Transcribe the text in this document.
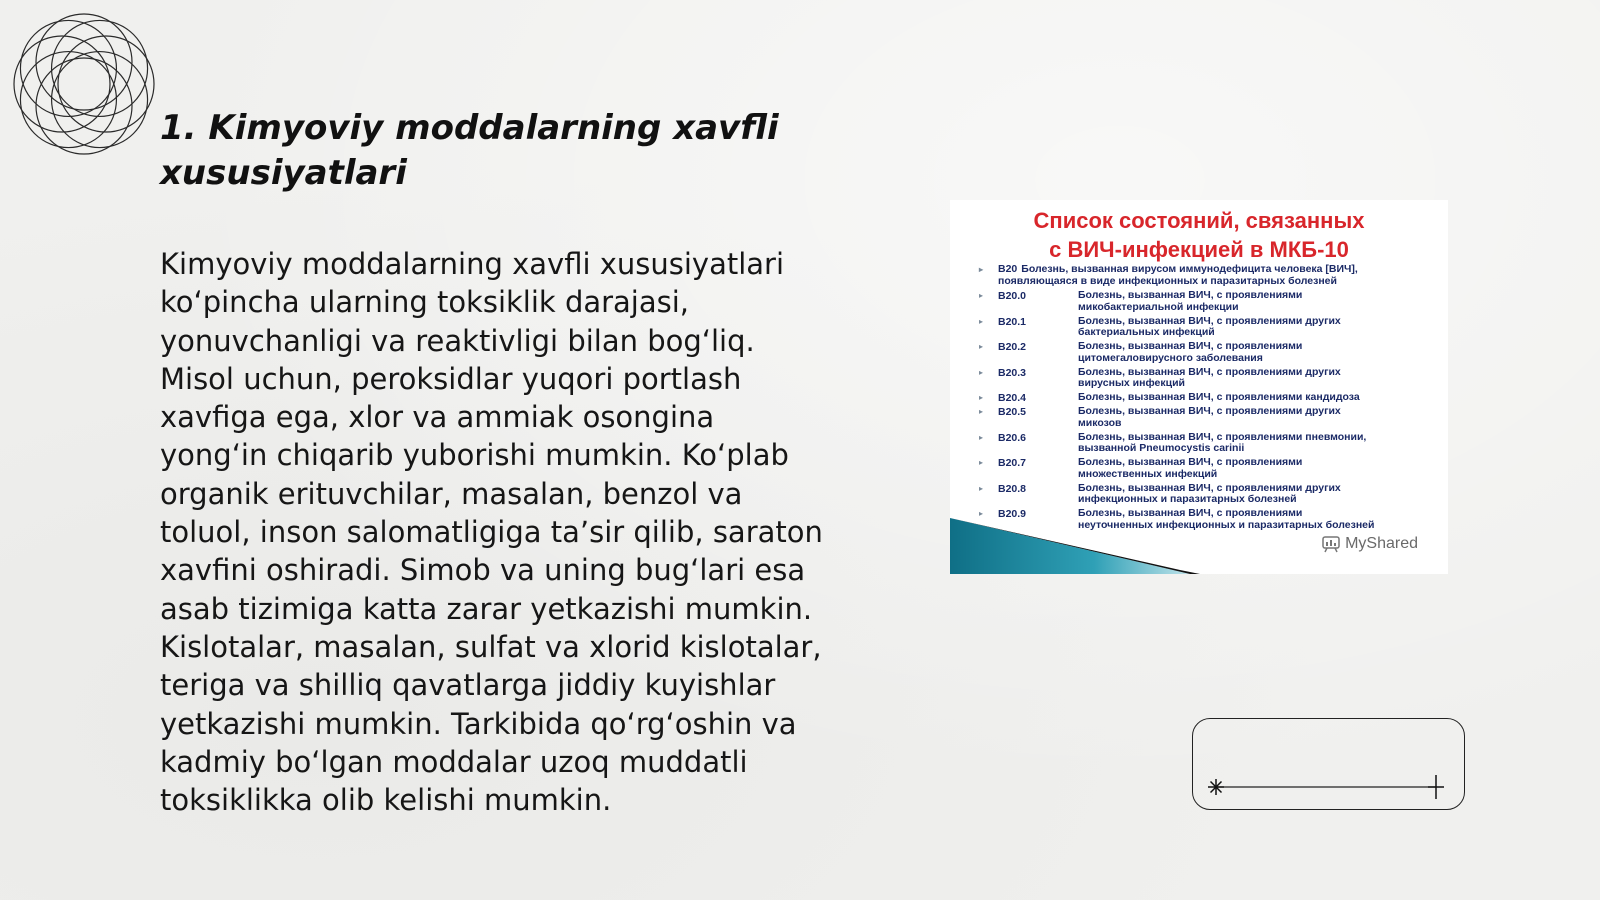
1. Kimyoviy moddalarning xavfli xususiyatlari
Kimyoviy moddalarning xavfli xususiyatlari
koʻpincha ularning toksiklik darajasi,
yonuvchanligi va reaktivligi bilan bogʻliq.
Misol uchun, peroksidlar yuqori portlash
xavfiga ega, xlor va ammiak osongina
yongʻin chiqarib yuborishi mumkin. Koʻplab
organik erituvchilar, masalan, benzol va
toluol, inson salomatligiga taʼsir qilib, saraton
xavfini oshiradi. Simob va uning bugʻlari esa
asab tizimiga katta zarar yetkazishi mumkin.
Kislotalar, masalan, sulfat va xlorid kislotalar,
teriga va shilliq qavatlarga jiddiy kuyishlar
yetkazishi mumkin. Tarkibida qoʻrgʻoshin va
kadmiy boʻlgan moddalar uzoq muddatli
toksiklikka olib kelishi mumkin.
Список состояний, связанных
с ВИЧ-инфекцией в МКБ-10
▸ B20 Болезнь, вызванная вирусом иммунодефицита человека [ВИЧ],
появляющаяся в виде инфекционных и паразитарных болезней
▸ B20.0	Болезнь, вызванная ВИЧ, с проявлениями
микобактериальной инфекции
▸ B20.1	Болезнь, вызванная ВИЧ, с проявлениями других
бактериальных инфекций
▸ B20.2	Болезнь, вызванная ВИЧ, с проявлениями
цитомегаловирусного заболевания
▸ B20.3	Болезнь, вызванная ВИЧ, с проявлениями других
вирусных инфекций
▸ B20.4	Болезнь, вызванная ВИЧ, с проявлениями кандидоза
▸ B20.5	Болезнь, вызванная ВИЧ, с проявлениями других
микозов
▸ B20.6	Болезнь, вызванная ВИЧ, с проявлениями пневмонии,
вызванной Pneumocystis carinii
▸ B20.7	Болезнь, вызванная ВИЧ, с проявлениями
множественных инфекций
▸ B20.8	Болезнь, вызванная ВИЧ, с проявлениями других
инфекционных и паразитарных болезней
▸ B20.9	Болезнь, вызванная ВИЧ, с проявлениями
неуточненных инфекционных и паразитарных болезней
MyShared
